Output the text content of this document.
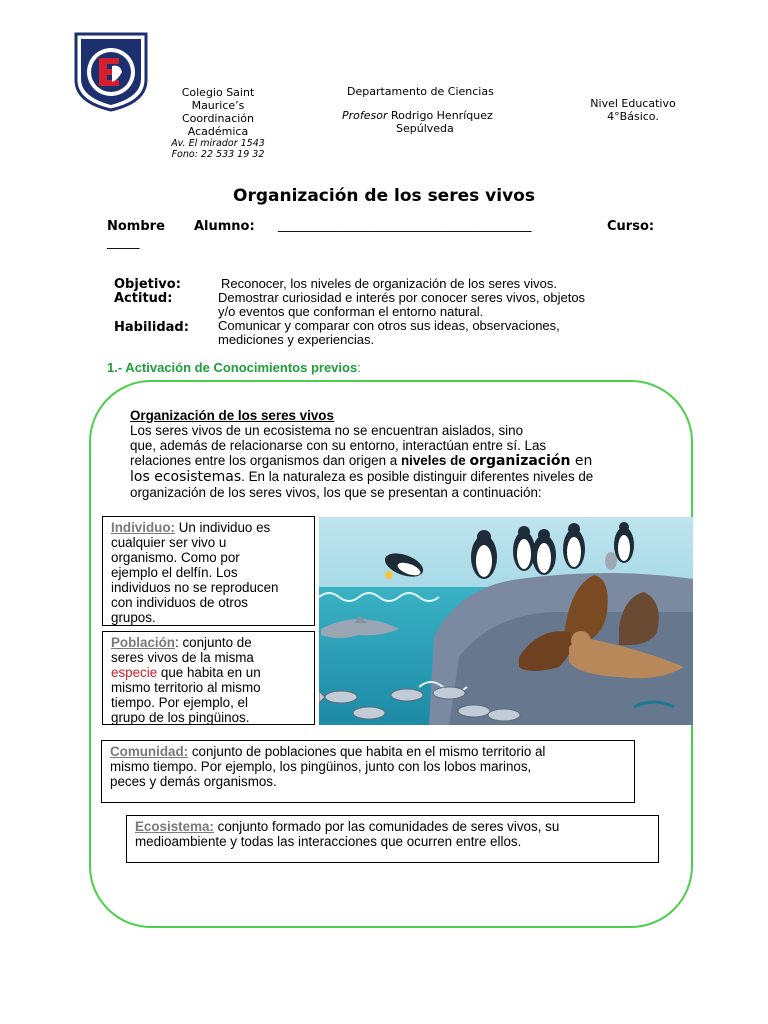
Colegio Saint
Maurice’s
Coordinación
Académica
Av. El mirador 1543
Fono: 22 533 19 32
Departamento de Ciencias
Profesor Rodrigo Henríquez
Sepúlveda
Nivel Educativo
4°Básico.
Organización de los seres vivos
Nombre Alumno:	_______________________________________	Curso:
_____
Objetivo:	Reconocer, los niveles de organización de los seres vivos.
Actitud:	Demostrar curiosidad e interés por conocer seres vivos, objetos
y/o eventos que conforman el entorno natural.
Habilidad: Comunicar y comparar con otros sus ideas, observaciones,
mediciones y experiencias.
1.- Activación de Conocimientos previos:
Organización de los seres vivos
Los seres vivos de un ecosistema no se encuentran aislados, sino
que, además de relacionarse con su entorno, interactúan entre sí. Las
relaciones entre los organismos dan origen a niveles de organización en
los ecosistemas. En la naturaleza es posible distinguir diferentes niveles de
organización de los seres vivos, los que se presentan a continuación:
Individuo: Un individuo es
cualquier ser vivo u
organismo. Como por
ejemplo el delfín. Los
individuos no se reproducen
con individuos de otros
grupos.
Población: conjunto de
seres vivos de la misma
especie que habita en un
mismo territorio al mismo
tiempo. Por ejemplo, el
grupo de los pingüinos.
Comunidad: conjunto de poblaciones que habita en el mismo territorio al
mismo tiempo. Por ejemplo, los pingüinos, junto con los lobos marinos,
peces y demás organismos.
Ecosistema: conjunto formado por las comunidades de seres vivos, su
medioambiente y todas las interacciones que ocurren entre ellos.
